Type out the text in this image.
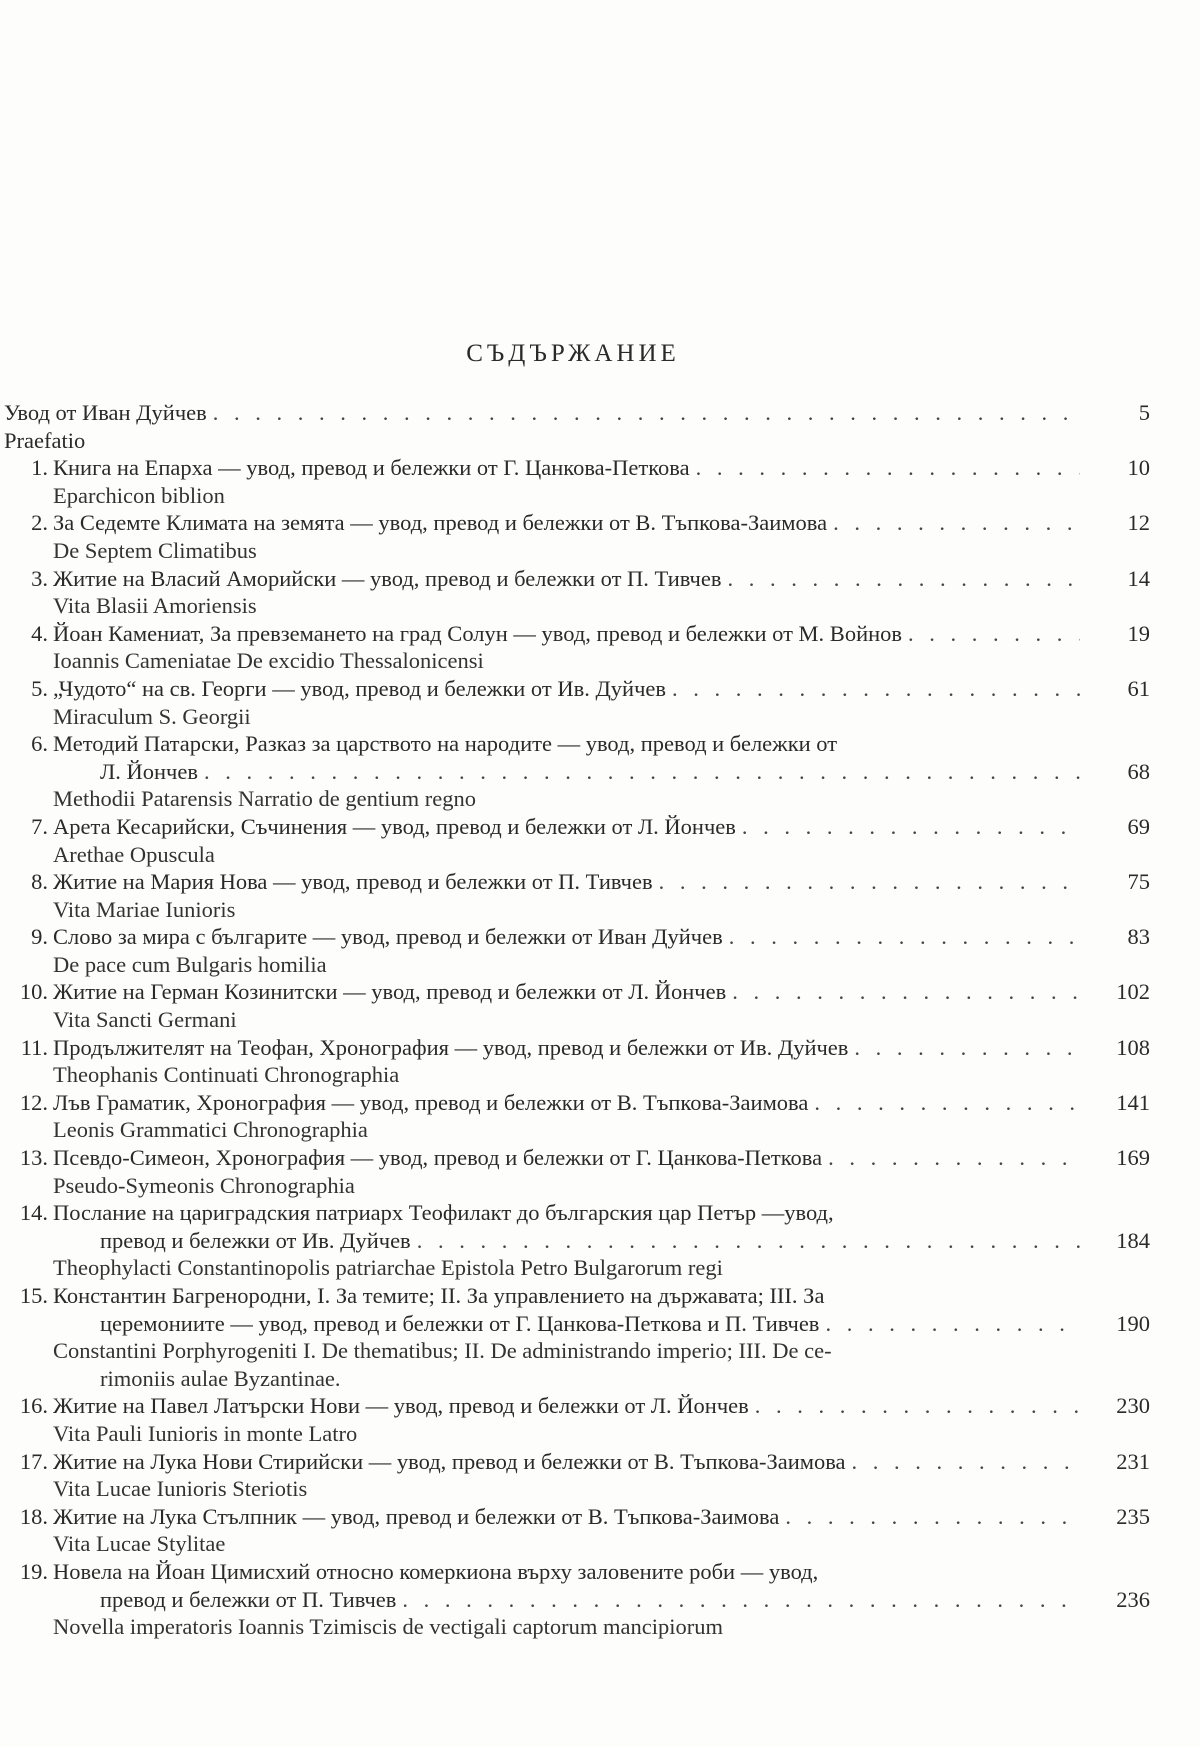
СЪДЪРЖАНИЕ
Увод от Иван Дуйчев . . .	5
Praefatio
1. Книга на Епарха — увод, превод и бележки от Г. Цанкова-Петкова . . .	10
Eparchicon biblion
2. За Седемте Климата на земята — увод, превод и бележки от В. Тъпкова-Заимова . . .	12
De Septem Climatibus
3. Житие на Власий Аморийски — увод, превод и бележки от П. Тивчев . . .	14
Vita Blasii Amoriensis
4. Йоан Камениат, За превземането на град Солун — увод, превод и бележки от М. Войнов . . .	19
Ioannis Cameniatae De excidio Thessalonicensi
5. „Чудото“ на св. Георги — увод, превод и бележки от Ив. Дуйчев . . .	61
Miraculum S. Georgii
6. Методий Патарски, Разказ за царството на народите — увод, превод и бележки от
Л. Йончев . . .	68
Methodii Patarensis Narratio de gentium regno
7. Арета Кесарийски, Съчинения — увод, превод и бележки от Л. Йончев . . .	69
Arethae Opuscula
8. Житие на Мария Нова — увод, превод и бележки от П. Тивчев . . .	75
Vita Mariae Iunioris
9. Слово за мира с българите — увод, превод и бележки от Иван Дуйчев . . .	83
De pace cum Bulgaris homilia
10. Житие на Герман Козинитски — увод, превод и бележки от Л. Йончев . . .	102
Vita Sancti Germani
11. Продължителят на Теофан, Хронография — увод, превод и бележки от Ив. Дуйчев . . .	108
Theophanis Continuati Chronographia
12. Лъв Граматик, Хронография — увод, превод и бележки от В. Тъпкова-Заимова . . .	141
Leonis Grammatici Chronographia
13. Псевдо-Симеон, Хронография — увод, превод и бележки от Г. Цанкова-Петкова . . .	169
Pseudo-Symeonis Chronographia
14. Послание на цариградския патриарх Теофилакт до българския цар Петър —увод,
превод и бележки от Ив. Дуйчев . . .	184
Theophylacti Constantinopolis patriarchae Epistola Petro Bulgarorum regi
15. Константин Багренородни, I. За темите; II. За управлението на държавата; III. За
церемониите — увод, превод и бележки от Г. Цанкова-Петкова и П. Тивчев . . .	190
Constantini Porphyrogeniti I. De thematibus; II. De administrando imperio; III. De ce-
rimoniis aulae Byzantinae.
16. Житие на Павел Латърски Нови — увод, превод и бележки от Л. Йончев . . .	230
Vita Pauli Iunioris in monte Latro
17. Житие на Лука Нови Стирийски — увод, превод и бележки от В. Тъпкова-Заимова . . .	231
Vita Lucae Iunioris Steriotis
18. Житие на Лука Стълпник — увод, превод и бележки от В. Тъпкова-Заимова . . .	235
Vita Lucae Stylitae
19. Новела на Йоан Цимисхий относно комеркиона върху заловените роби — увод,
превод и бележки от П. Тивчев . . .	236
Novella imperatoris Ioannis Tzimiscis de vectigali captorum mancipiorum
